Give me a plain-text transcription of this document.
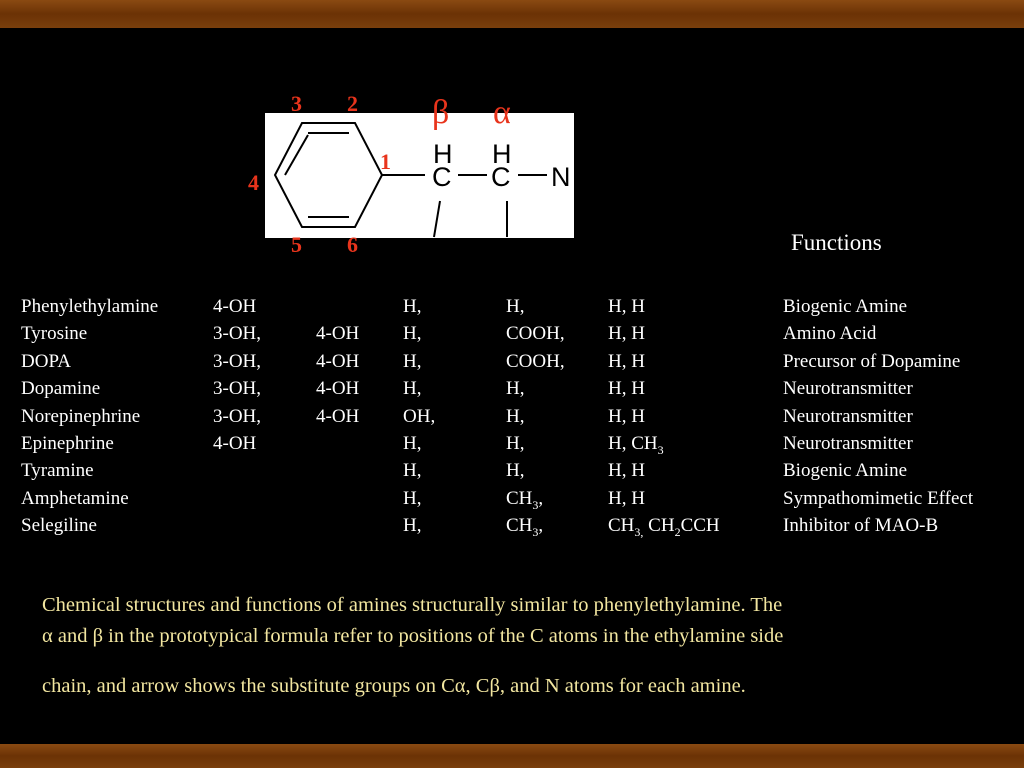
H
C
H
C N
1
2
3
4
5 6
β α
Functions
Phenylethylamine
Tyrosine
DOPA
Dopamine
Norepinephrine
Epinephrine
Tyramine
Amphetamine
Selegiline
4-OH
3-OH,
3-OH,
3-OH,
3-OH,
4-OH
4-OH
4-OH
4-OH
4-OH
H,
H,
H,
H,
OH,
H,
H,
H,
H,
H,
COOH,
COOH,
H,
H,
H,
H,
$CH_3$,
$CH_3$,
H, H
H, H
H, H
H, H
H, H
H, $CH_3$
H, H
H, H
$CH_{3,}$ $CH_2CCH$
Biogenic Amine
Amino Acid
Precursor of Dopamine
Neurotransmitter
Neurotransmitter
Neurotransmitter
Biogenic Amine
Sympathomimetic Effect
Inhibitor of MAO-B

Chemical structures and functions of amines structurally similar to phenylethylamine. The

α and β in the prototypical formula refer to positions of the C atoms in the ethylamine side

chain, and arrow shows the substitute groups on Cα, Cβ, and N atoms for each amine.
